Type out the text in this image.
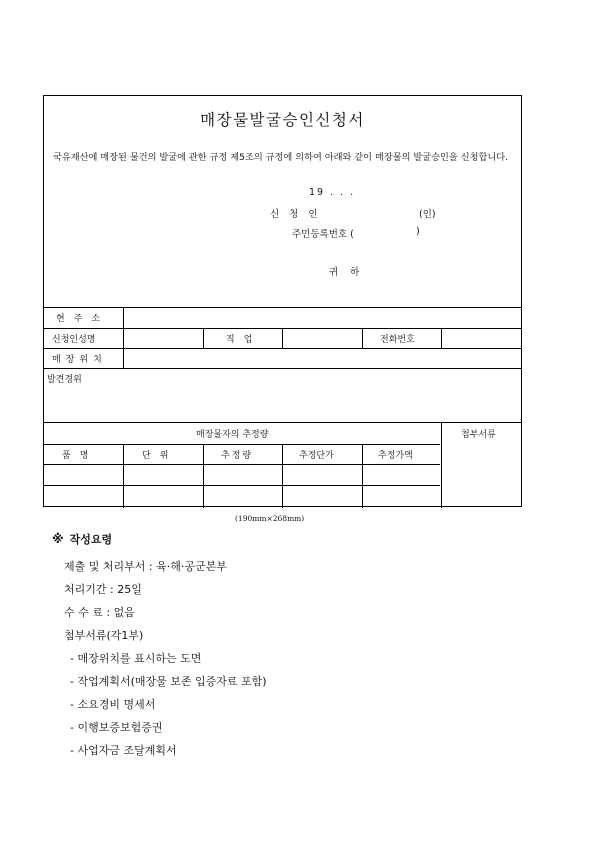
매장물발굴승인신청서
국유재산에 매장된 물건의 발굴에 관한 규정 제5조의 규정에 의하여 아래와 같이 매장물의 발굴승인을 신청합니다.
19 . . .
신청인	(인)
주민등록번호 (	)
귀하
현주소
신청인성명	직업	전화번호
매장위치
발견경위
매장물자의 추정량	첨부서류
품명	단위	추정량	추정단가	추정가액
(190mm×268mm)
※ 작성요령
제출 및 처리부서 : 육·해·공군본부
처리기간 : 25일
수 수 료 : 없음
첨부서류(각1부)
- 매장위치를 표시하는 도면
- 작업계획서(매장물 보존 입증자료 포함)
- 소요경비 명세서
- 이행보증보험증권
- 사업자금 조달계획서
